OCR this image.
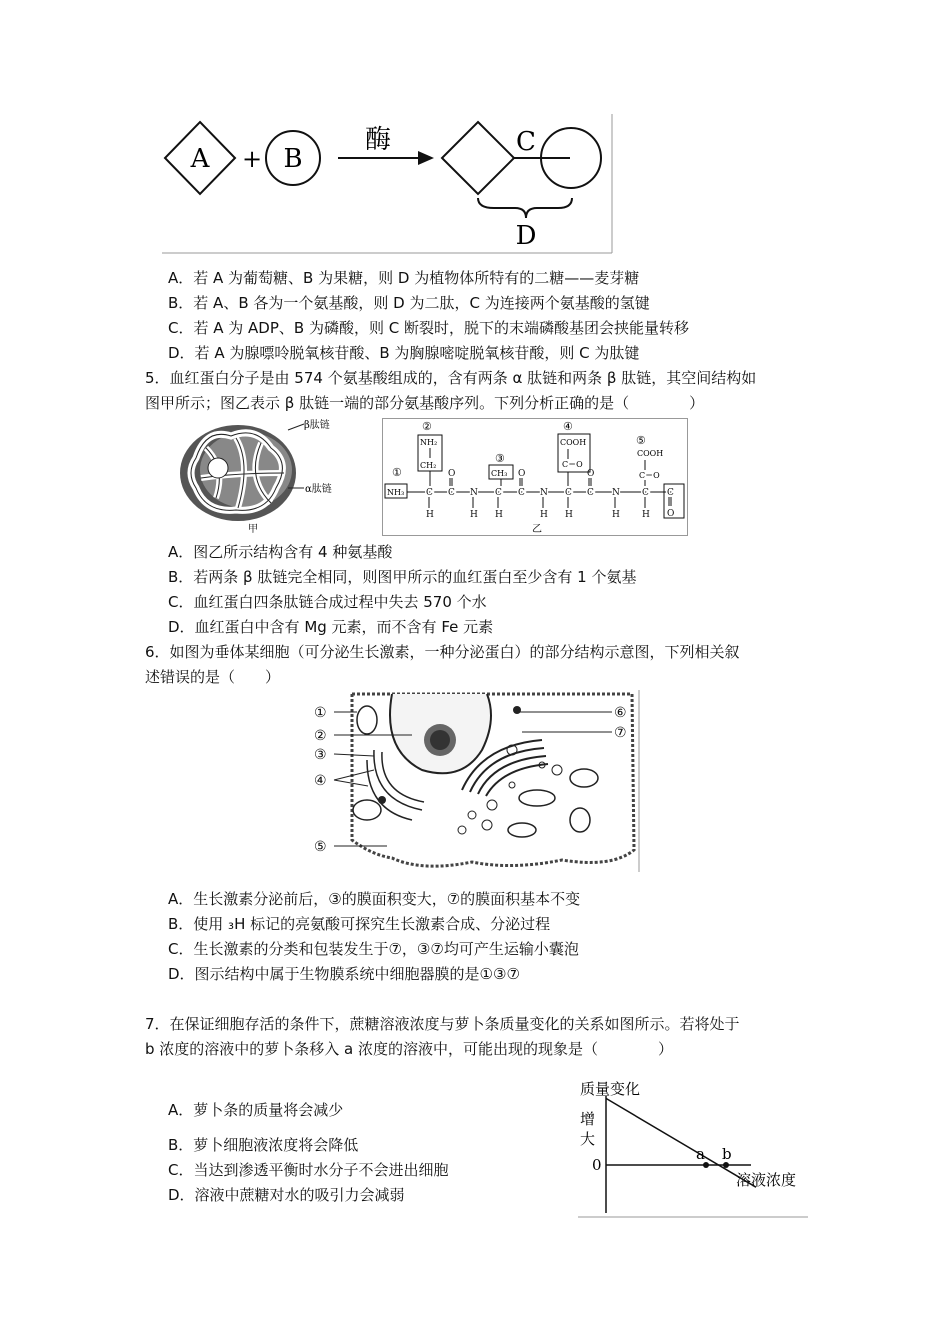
A + B
酶	C
D
A．若 A 为葡萄糖、B 为果糖，则 D 为植物体所特有的二糖——麦芽糖
B．若 A、B 各为一个氨基酸，则 D 为二肽，C 为连接两个氨基酸的氢键
C．若 A 为 ADP、B 为磷酸，则 C 断裂时，脱下的末端磷酸基团会挟能量转移
D．若 A 为腺嘌呤脱氧核苷酸、B 为胸腺嘧啶脱氧核苷酸，则 C 为肽键
5．血红蛋白分子是由 574 个氨基酸组成的，含有两条 α 肽链和两条 β 肽链，其空间结构如
图甲所示；图乙表示 β 肽链一端的部分氨基酸序列。下列分析正确的是（　　　　）
β肽链
α肽链
甲
①
②
③
④
⑤
NH₃
NH₂
CH₂
CH₃
COOH
C＝O
COOH
C＝O
C C N C C N C C N C C
O	O	O
O
H	H H	H H	H H
乙
A．图乙所示结构含有 4 种氨基酸
B．若两条 β 肽链完全相同，则图甲所示的血红蛋白至少含有 1 个氨基
C．血红蛋白四条肽链合成过程中失去 570 个水
D．血红蛋白中含有 Mg 元素，而不含有 Fe 元素
6．如图为垂体某细胞（可分泌生长激素，一种分泌蛋白）的部分结构示意图，下列相关叙
述错误的是（　　）
①
②
③
④
⑤
⑥
⑦
A．生长激素分泌前后，③的膜面积变大，⑦的膜面积基本不变
B．使用 ₃H 标记的亮氨酸可探究生长激素合成、分泌过程
C．生长激素的分类和包装发生于⑦，③⑦均可产生运输小囊泡
D．图示结构中属于生物膜系统中细胞器膜的是①③⑦
7．在保证细胞存活的条件下，蔗糖溶液浓度与萝卜条质量变化的关系如图所示。若将处于
b 浓度的溶液中的萝卜条移入 a 浓度的溶液中，可能出现的现象是（　　　　）
A．萝卜条的质量将会减少
B．萝卜细胞液浓度将会降低
C．当达到渗透平衡时水分子不会进出细胞
D．溶液中蔗糖对水的吸引力会减弱
质量变化
增
大
0
溶液浓度
a b
